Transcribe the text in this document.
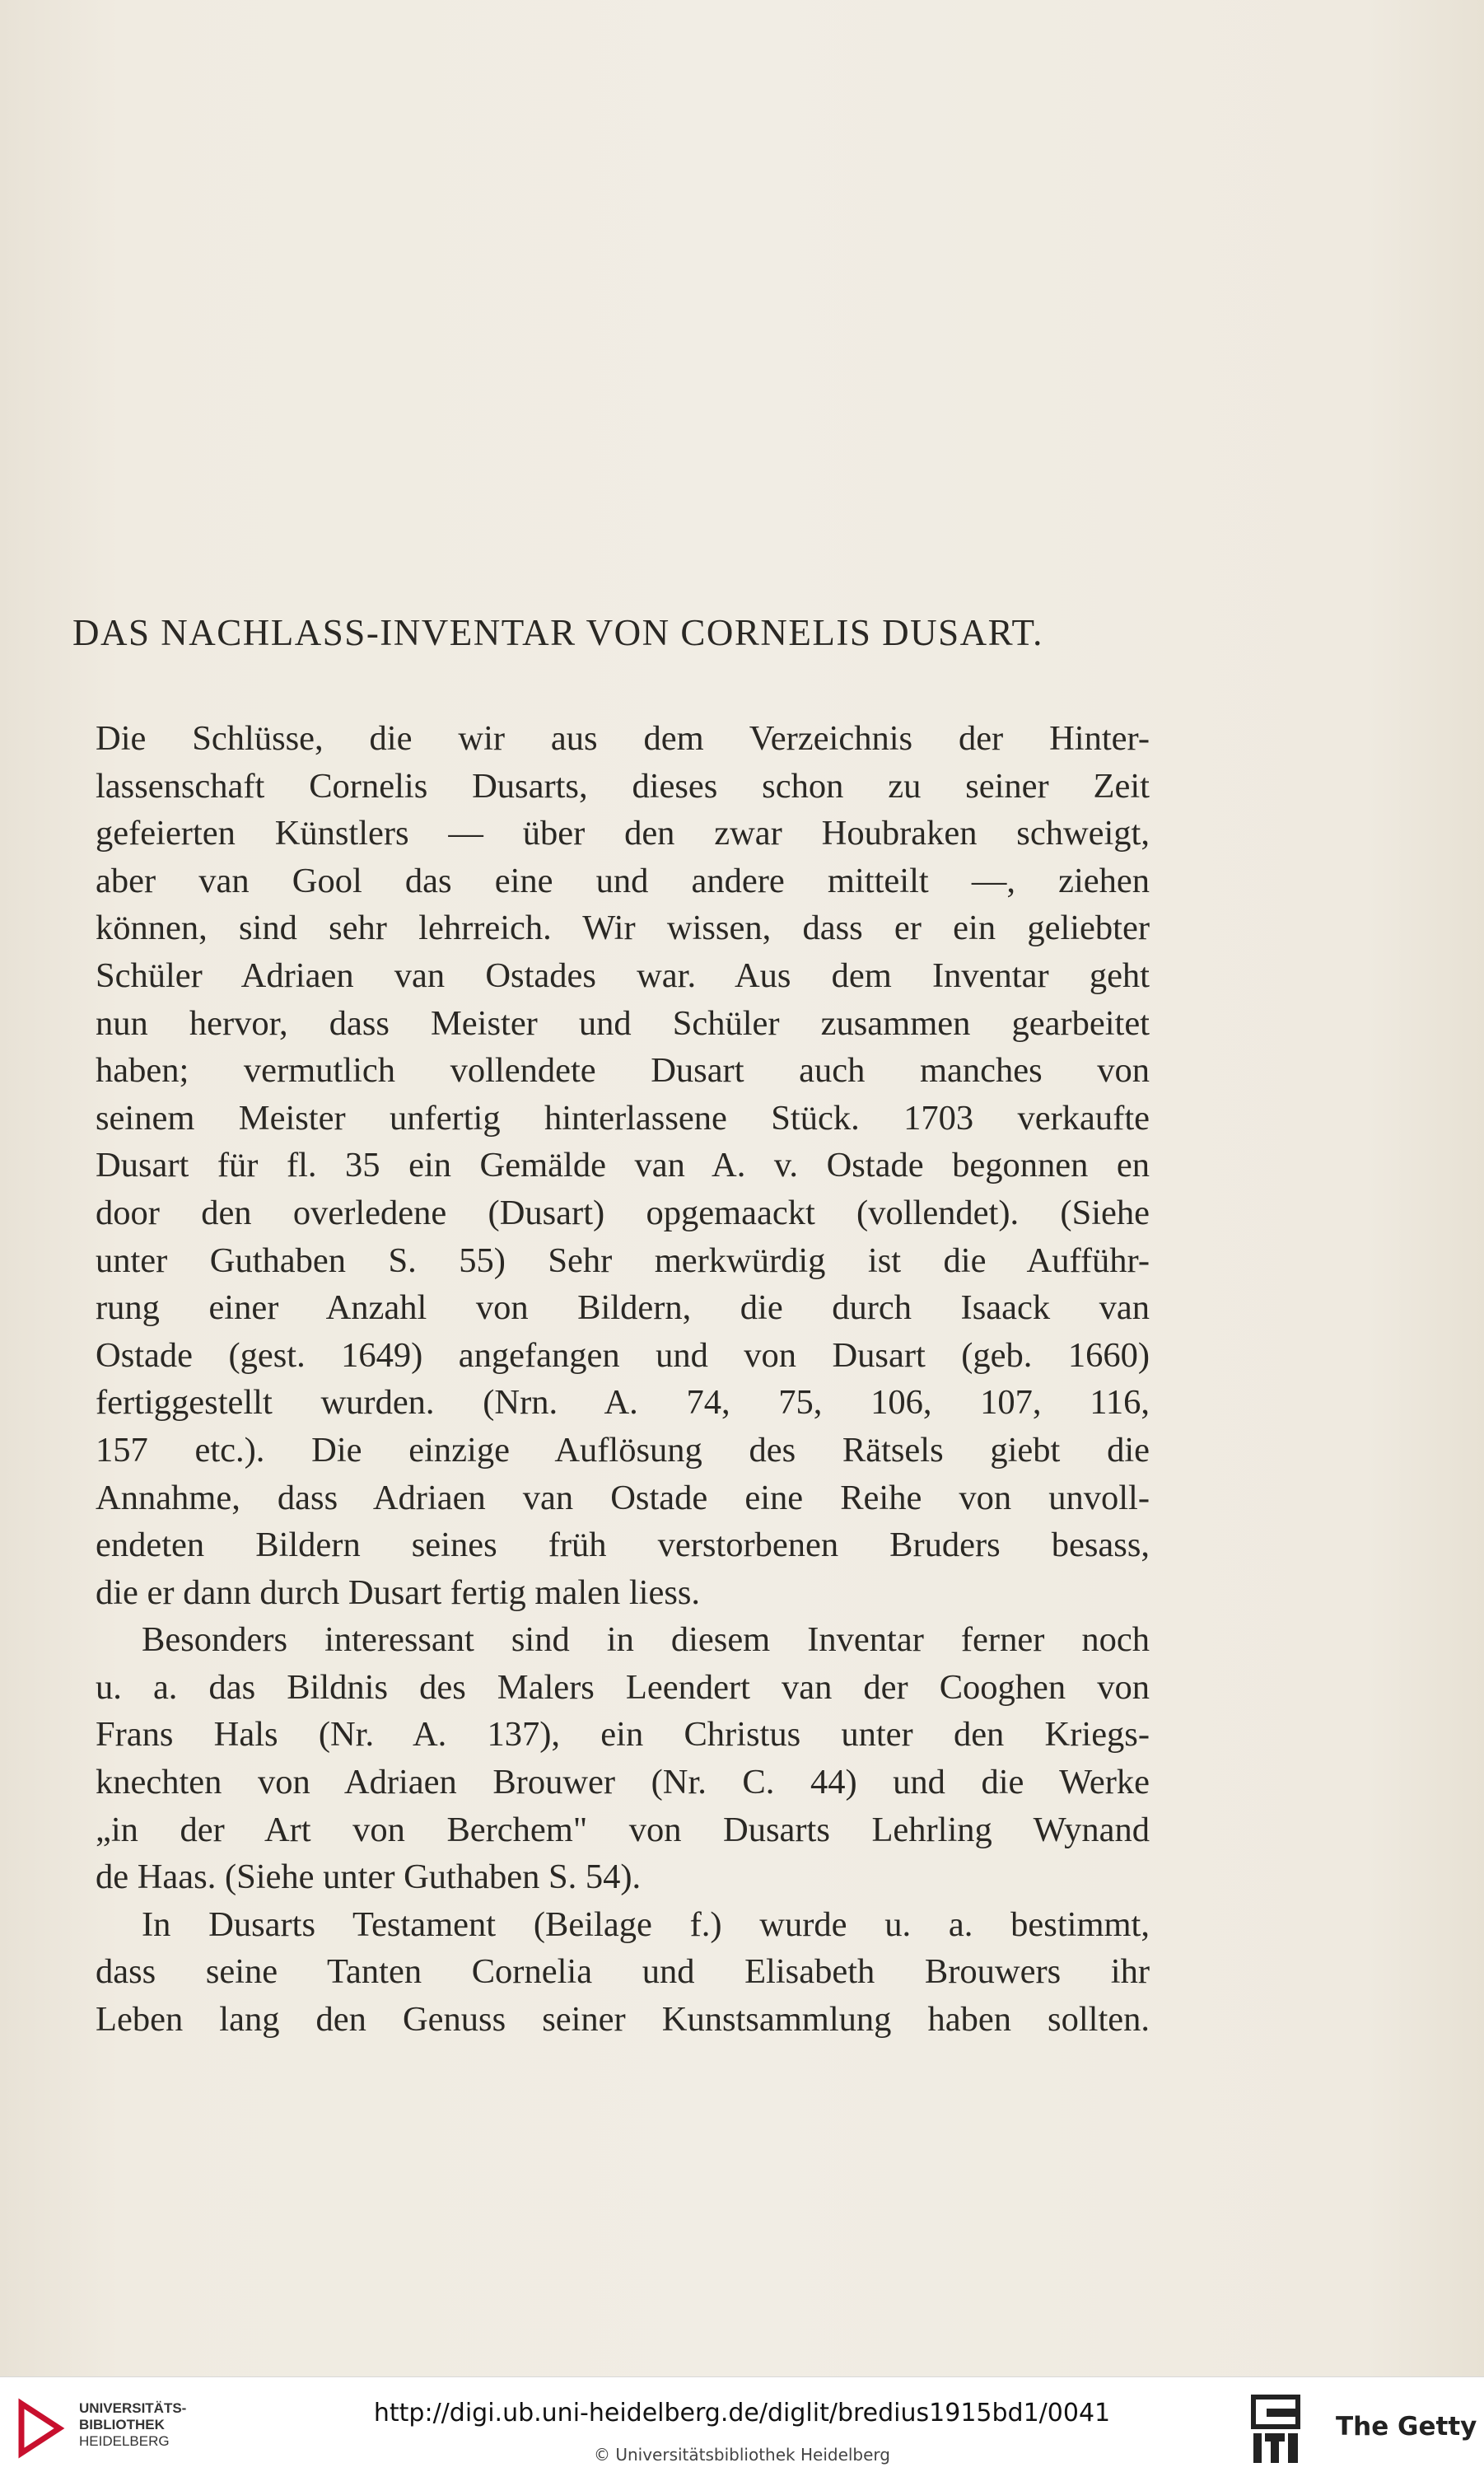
DAS NACHLASS-INVENTAR VON CORNELIS DUSART.
Die Schlüsse, die wir aus dem Verzeichnis der Hinter-
lassenschaft Cornelis Dusarts, dieses schon zu seiner Zeit
gefeierten Künstlers — über den zwar Houbraken schweigt,
aber van Gool das eine und andere mitteilt —, ziehen
können, sind sehr lehrreich. Wir wissen, dass er ein geliebter
Schüler Adriaen van Ostades war. Aus dem Inventar geht
nun hervor, dass Meister und Schüler zusammen gearbeitet
haben; vermutlich vollendete Dusart auch manches von
seinem Meister unfertig hinterlassene Stück. 1703 verkaufte
Dusart für fl. 35 ein Gemälde van A. v. Ostade begonnen en
door den overledene (Dusart) opgemaackt (vollendet). (Siehe
unter Guthaben S. 55) Sehr merkwürdig ist die Aufführ-
rung einer Anzahl von Bildern, die durch Isaack van
Ostade (gest. 1649) angefangen und von Dusart (geb. 1660)
fertiggestellt wurden. (Nrn. A. 74, 75, 106, 107, 116,
157 etc.). Die einzige Auflösung des Rätsels giebt die
Annahme, dass Adriaen van Ostade eine Reihe von unvoll-
endeten Bildern seines früh verstorbenen Bruders besass,
die er dann durch Dusart fertig malen liess.
Besonders interessant sind in diesem Inventar ferner noch
u. a. das Bildnis des Malers Leendert van der Cooghen von
Frans Hals (Nr. A. 137), ein Christus unter den Kriegs-
knechten von Adriaen Brouwer (Nr. C. 44) und die Werke
„in der Art von Berchem" von Dusarts Lehrling Wynand
de Haas. (Siehe unter Guthaben S. 54).
In Dusarts Testament (Beilage f.) wurde u. a. bestimmt,
dass seine Tanten Cornelia und Elisabeth Brouwers ihr
Leben lang den Genuss seiner Kunstsammlung haben sollten.
UNIVERSITÄTS-
BIBLIOTHEK
HEIDELBERG
http://digi.ub.uni-heidelberg.de/diglit/bredius1915bd1/0041
© Universitätsbibliothek Heidelberg
The Getty
